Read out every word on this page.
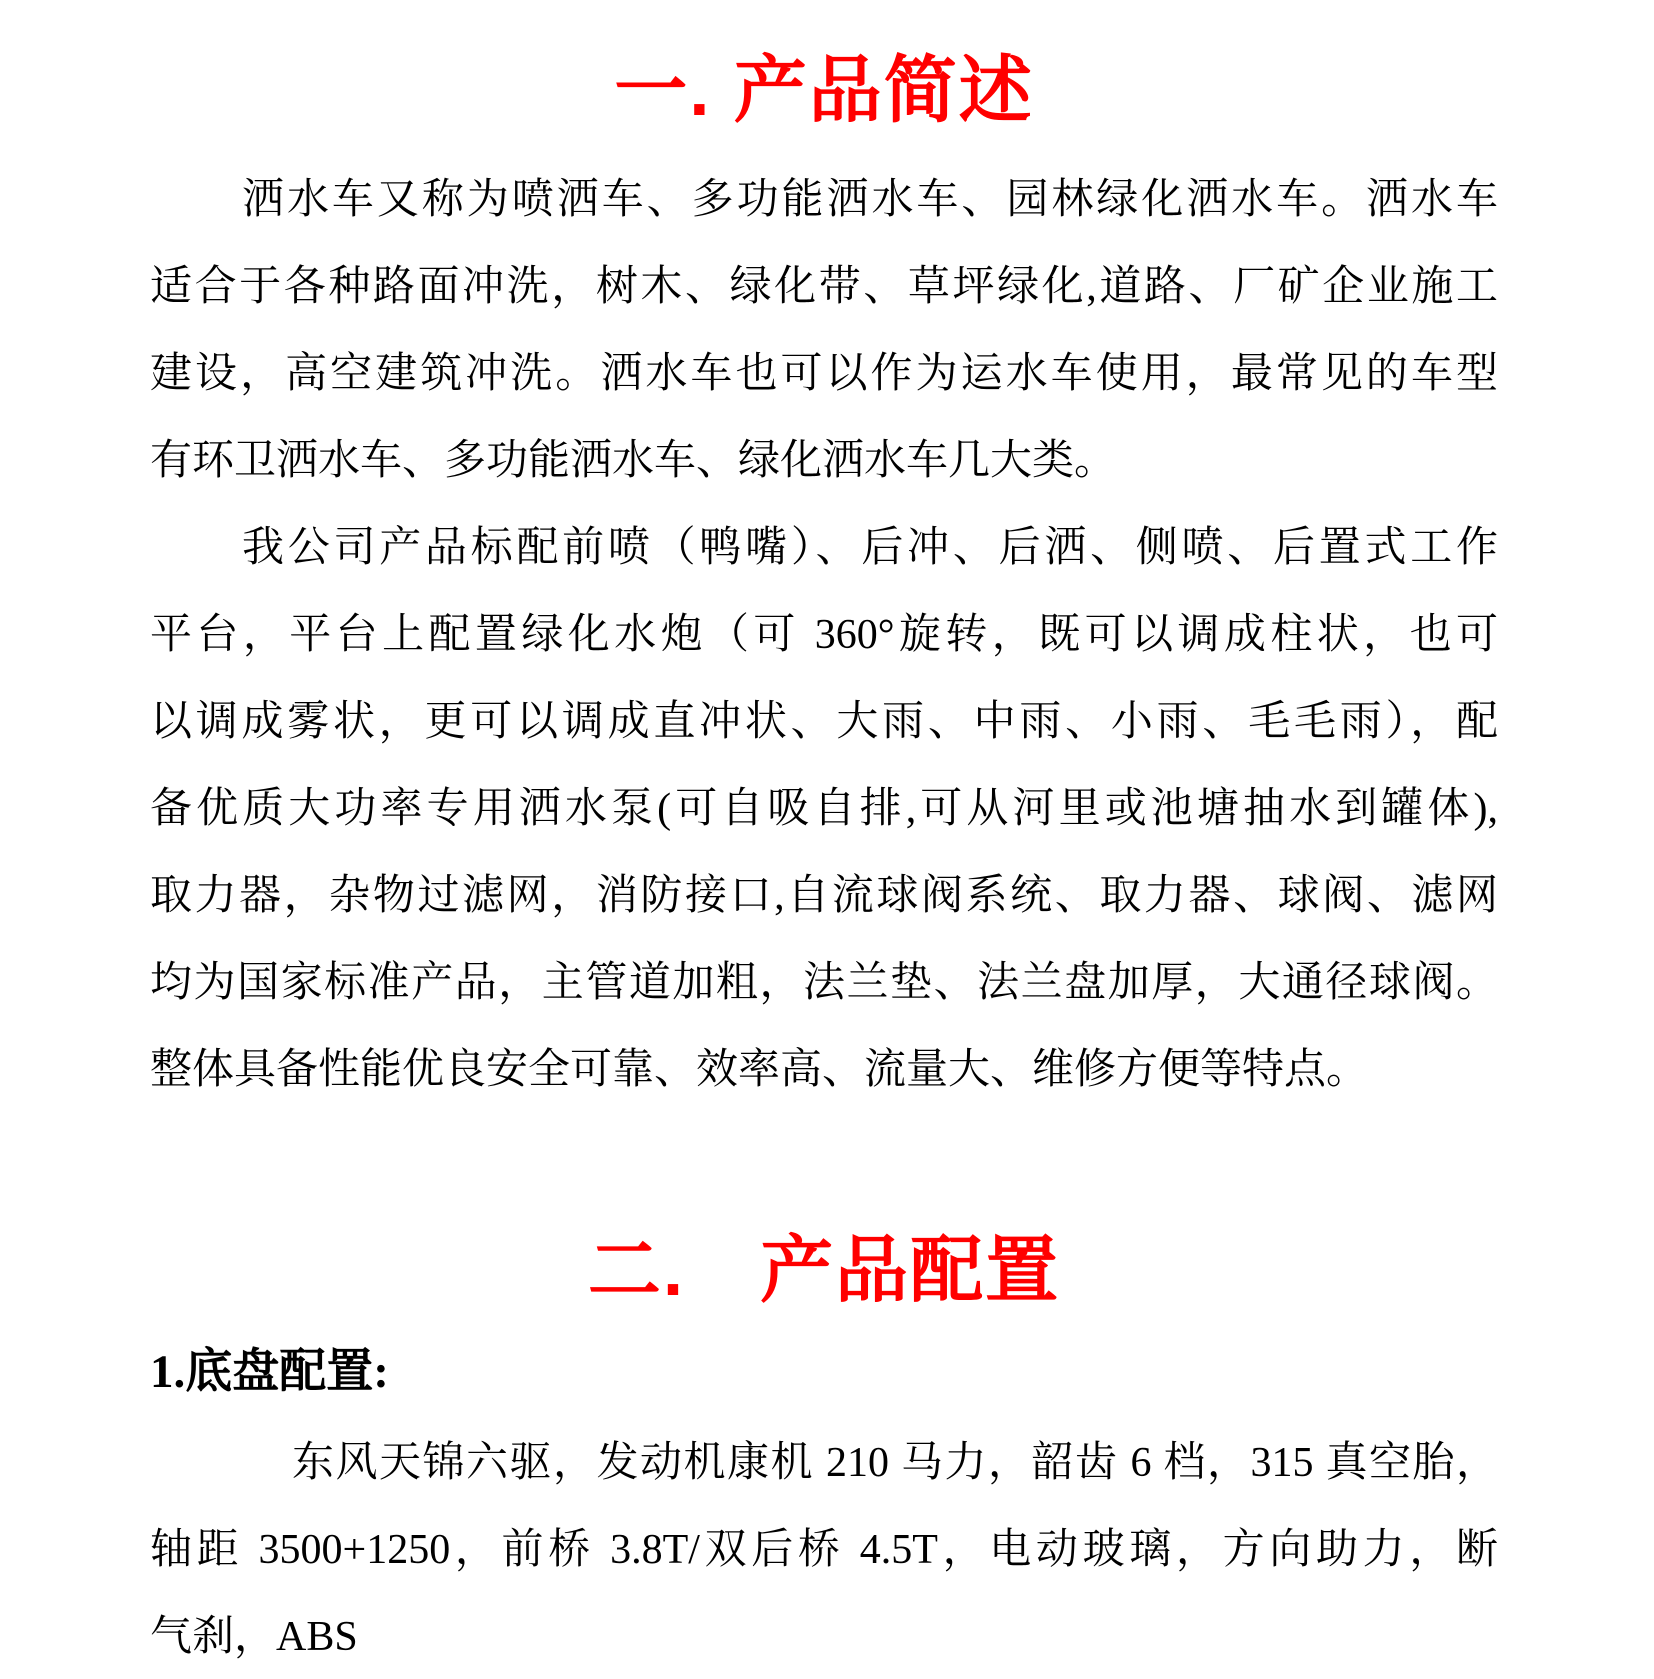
一. 产品简述
洒水车又称为喷洒车、多功能洒水车、园林绿化洒水车。洒水车
适合于各种路面冲洗，树木、绿化带、草坪绿化,道路、厂矿企业施工
建设，高空建筑冲洗。洒水车也可以作为运水车使用，最常见的车型
有环卫洒水车、多功能洒水车、绿化洒水车几大类。
我公司产品标配前喷（鸭嘴）、后冲、后洒、侧喷、后置式工作
平台，平台上配置绿化水炮（可 360°旋转，既可以调成柱状，也可
以调成雾状，更可以调成直冲状、大雨、中雨、小雨、毛毛雨），配
备优质大功率专用洒水泵(可自吸自排,可从河里或池塘抽水到罐体),
取力器，杂物过滤网，消防接口,自流球阀系统、取力器、球阀、滤网
均为国家标准产品，主管道加粗，法兰垫、法兰盘加厚，大通径球阀。
整体具备性能优良安全可靠、效率高、流量大、维修方便等特点。
二.　产品配置
1.底盘配置:
东风天锦六驱，发动机康机 210 马力，韶齿 6 档，315 真空胎，
轴距 3500+1250，前桥 3.8T/双后桥 4.5T，电动玻璃，方向助力，断
气刹，ABS
